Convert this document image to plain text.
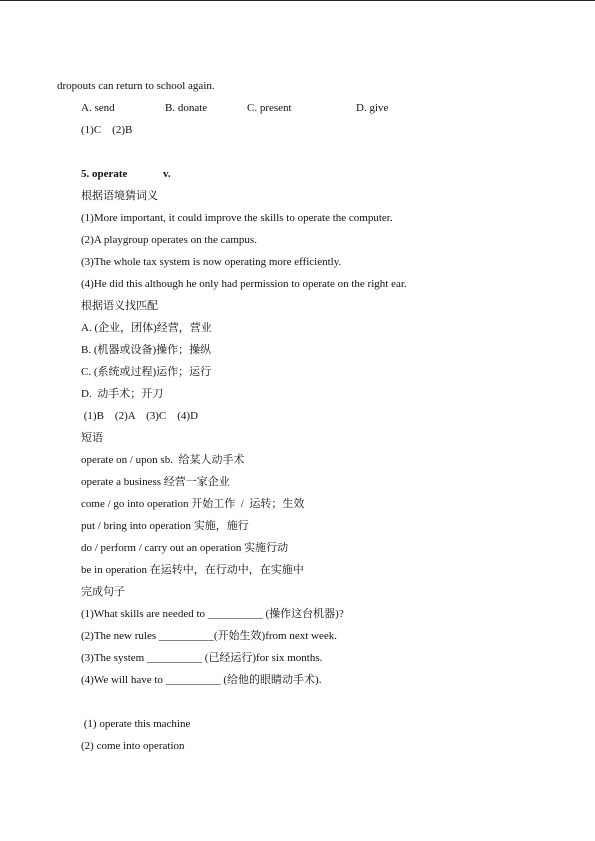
dropouts can return to school again.
A. send	B. donate	C. present	D. give
(1)C    (2)B
5. operate	v.
根据语境猜词义
(1)More important, it could improve the skills to operate the computer.
(2)A playgroup operates on the campus.
(3)The whole tax system is now operating more efficiently.
(4)He did this although he only had permission to operate on the right ear.
根据语义找匹配
A. (企业，团体)经营，营业
B. (机器或设备)操作；操纵
C. (系统或过程)运作；运行
D.  动手术；开刀
(1)B    (2)A    (3)C    (4)D
短语
operate on / upon sb.  给某人动手术
operate a business 经营一家企业
come / go into operation 开始工作  /  运转；生效
put / bring into operation 实施，施行
do / perform / carry out an operation 实施行动
be in operation 在运转中，在行动中，在实施中
完成句子
(1)What skills are needed to __________ (操作这台机器)?
(2)The new rules __________(开始生效)from next week.
(3)The system __________ (已经运行)for six months.
(4)We will have to __________ (给他的眼睛动手术).
(1) operate this machine
(2) come into operation
